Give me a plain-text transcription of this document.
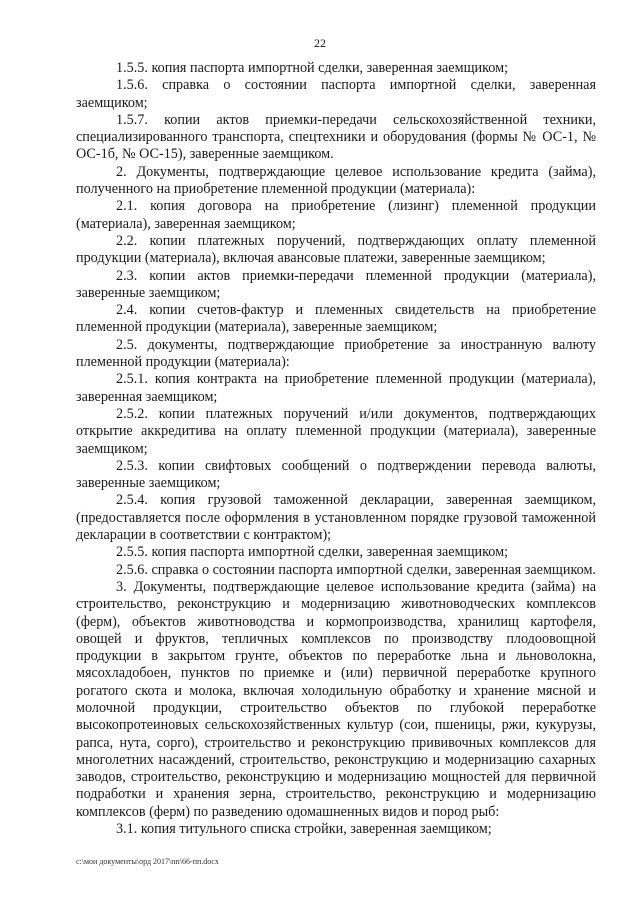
22

1.5.5. копия паспорта импортной сделки, заверенная заемщиком;

1.5.6. справка о состоянии паспорта импортной сделки, заверенная заемщиком;

1.5.7. копии актов приемки-передачи сельскохозяйственной техники, специализированного транспорта, спецтехники и оборудования (формы № ОС-1, № ОС-1б, № ОС-15), заверенные заемщиком.

2. Документы, подтверждающие целевое использование кредита (займа), полученного на приобретение племенной продукции (материала):

2.1. копия договора на приобретение (лизинг) племенной продукции (материала), заверенная заемщиком;

2.2. копии платежных поручений, подтверждающих оплату племенной продукции (материала), включая авансовые платежи, заверенные заемщиком;

2.3. копии актов приемки-передачи племенной продукции (материала), заверенные заемщиком;

2.4. копии счетов-фактур и племенных свидетельств на приобретение племенной продукции (материала), заверенные заемщиком;

2.5. документы, подтверждающие приобретение за иностранную валюту племенной продукции (материала):

2.5.1. копия контракта на приобретение племенной продукции (материала), заверенная заемщиком;

2.5.2. копии платежных поручений и/или документов, подтверждающих открытие аккредитива на оплату племенной продукции (материала), заверенные заемщиком;

2.5.3. копии свифтовых сообщений о подтверждении перевода валюты, заверенные заемщиком;

2.5.4. копия грузовой таможенной декларации, заверенная заемщиком, (предоставляется после оформления в установленном порядке грузовой таможенной декларации в соответствии с контрактом);

2.5.5. копия паспорта импортной сделки, заверенная заемщиком;

2.5.6. справка о состоянии паспорта импортной сделки, заверенная заемщиком.

3. Документы, подтверждающие целевое использование кредита (займа) на строительство, реконструкцию и модернизацию животноводческих комплексов (ферм), объектов животноводства и кормопроизводства, хранилищ картофеля, овощей и фруктов, тепличных комплексов по производству плодоовощной продукции в закрытом грунте, объектов по переработке льна и льноволокна, мясохладобоен, пунктов по приемке и (или) первичной переработке крупного рогатого скота и молока, включая холодильную обработку и хранение мясной и молочной продукции, строительство объектов по глубокой переработке высокопротеиновых сельскохозяйственных культур (сои, пшеницы, ржи, кукурузы, рапса, нута, сорго), строительство и реконструкцию прививочных комплексов для многолетних насаждений, строительство, реконструкцию и модернизацию сахарных заводов, строительство, реконструкцию и модернизацию мощностей для первичной подработки и хранения зерна, строительство, реконструкцию и модернизацию комплексов (ферм) по разведению одомашненных видов и пород рыб:

3.1. копия титульного списка стройки, заверенная заемщиком;

c:\мои документы\орд 2017\пп\66-пп.docx
